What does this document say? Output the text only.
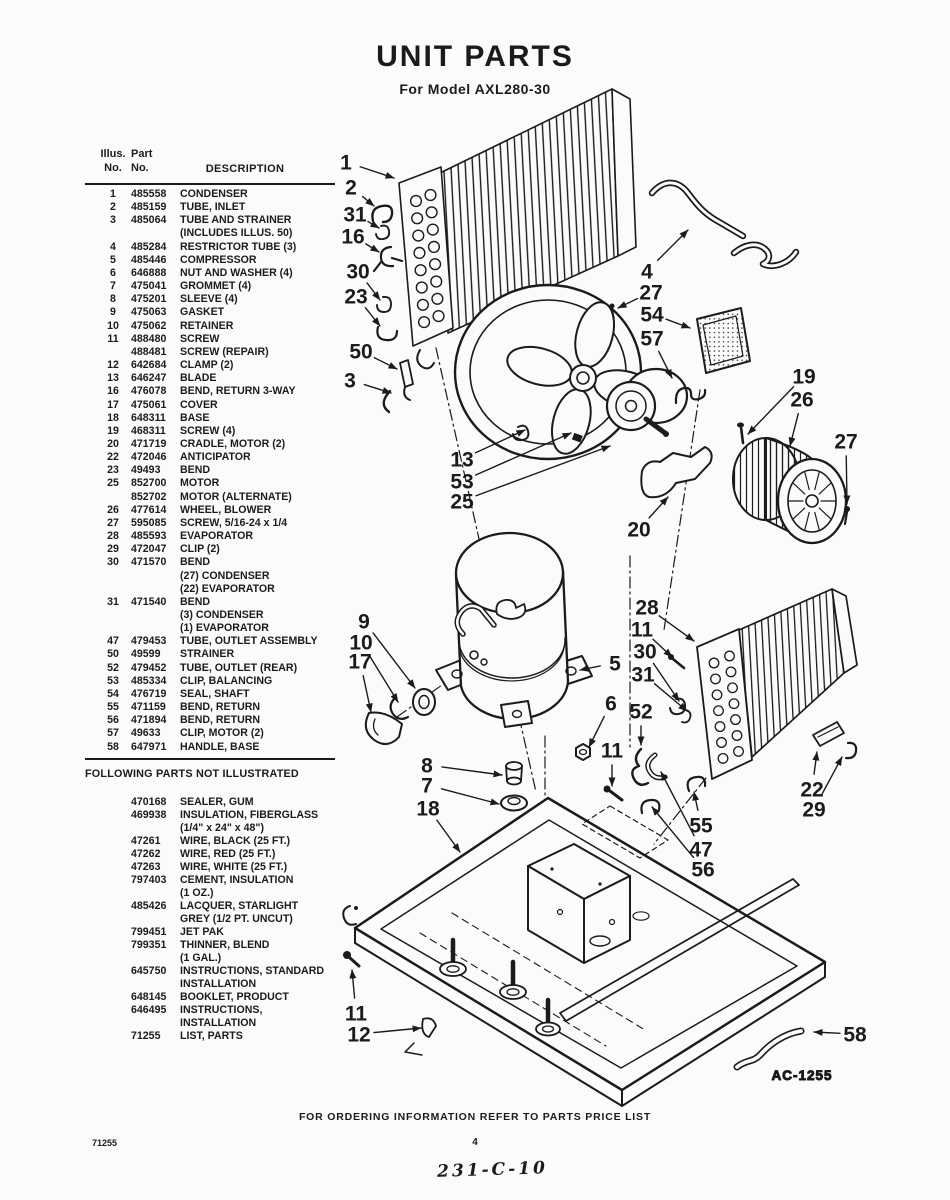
UNIT PARTS
For Model AXL280-30
Illus. Part
No. No.	DESCRIPTION
1	485558	CONDENSER
2	485159	TUBE, INLET
3	485064	TUBE AND STRAINER
(INCLUDES ILLUS. 50)
4	485284	RESTRICTOR TUBE (3)
5	485446	COMPRESSOR
6	646888	NUT AND WASHER (4)
7	475041	GROMMET (4)
8	475201	SLEEVE (4)
9	475063	GASKET
10	475062	RETAINER
11	488480	SCREW
488481	SCREW (REPAIR)
12	642684	CLAMP (2)
13	646247	BLADE
16	476078	BEND, RETURN 3-WAY
17	475061	COVER
18	648311	BASE
19	468311	SCREW (4)
20	471719	CRADLE, MOTOR (2)
22	472046	ANTICIPATOR
23	49493	BEND
25	852700	MOTOR
852702	MOTOR (ALTERNATE)
26	477614	WHEEL, BLOWER
27	595085	SCREW, 5/16-24 x 1/4
28	485593	EVAPORATOR
29	472047	CLIP (2)
30	471570	BEND
(27) CONDENSER
(22) EVAPORATOR
31	471540	BEND
(3) CONDENSER
(1) EVAPORATOR
47	479453	TUBE, OUTLET ASSEMBLY
50	49599	STRAINER
52	479452	TUBE, OUTLET (REAR)
53	485334	CLIP, BALANCING
54	476719	SEAL, SHAFT
55	471159	BEND, RETURN
56	471894	BEND, RETURN
57	49633	CLIP, MOTOR (2)
58	647971	HANDLE, BASE
FOLLOWING PARTS NOT ILLUSTRATED
470168	SEALER, GUM
469938	INSULATION, FIBERGLASS
(1/4" x 24" x 48")
47261	WIRE, BLACK (25 FT.)
47262	WIRE, RED (25 FT.)
47263	WIRE, WHITE (25 FT.)
797403	CEMENT, INSULATION
(1 OZ.)
485426	LACQUER, STARLIGHT
GREY (1/2 PT. UNCUT)
799451	JET PAK
799351	THINNER, BLEND
(1 GAL.)
645750	INSTRUCTIONS, STANDARD
INSTALLATION
648145	BOOKLET, PRODUCT
646495	INSTRUCTIONS,
INSTALLATION
71255	LIST, PARTS
1
2
31
16
30
23
50
3
13
53
25
4
27
54
57
19
26
27
20
28
11
30
31
52
5
6
11
9
10
17
8
7
18
55
47
56
22
29
11
12	58
AC-1255
FOR ORDERING INFORMATION REFER TO PARTS PRICE LIST
71255	4
231-C-10
